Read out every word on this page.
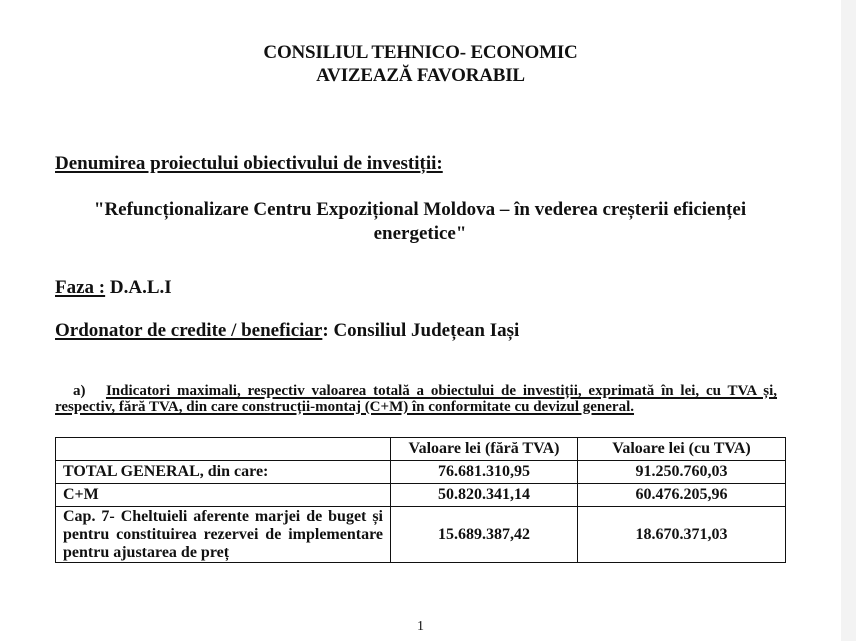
CONSILIUL TEHNICO- ECONOMIC
AVIZEAZĂ FAVORABIL
Denumirea proiectului obiectivului de investiții:
"Refuncționalizare Centru Expozițional Moldova – în vederea creșterii eficienței
energetice"
Faza : D.A.L.I
Ordonator de credite / beneficiar: Consiliul Județean Iași
a) Indicatori maximali, respectiv valoarea totală a obiectului de investiții, exprimată în lei, cu TVA și, respectiv, fără TVA, din care construcții-montaj (C+M) în conformitate cu devizul general.
	Valoare lei (fără TVA)	Valoare lei (cu TVA)
TOTAL GENERAL, din care:	76.681.310,95	91.250.760,03
C+M	50.820.341,14	60.476.205,96

Cap. 7- Cheltuieli aferente marjei de buget și pentru constituirea rezervei de implementare pentru ajustarea de preț	15.689.387,42	18.670.371,03
1
